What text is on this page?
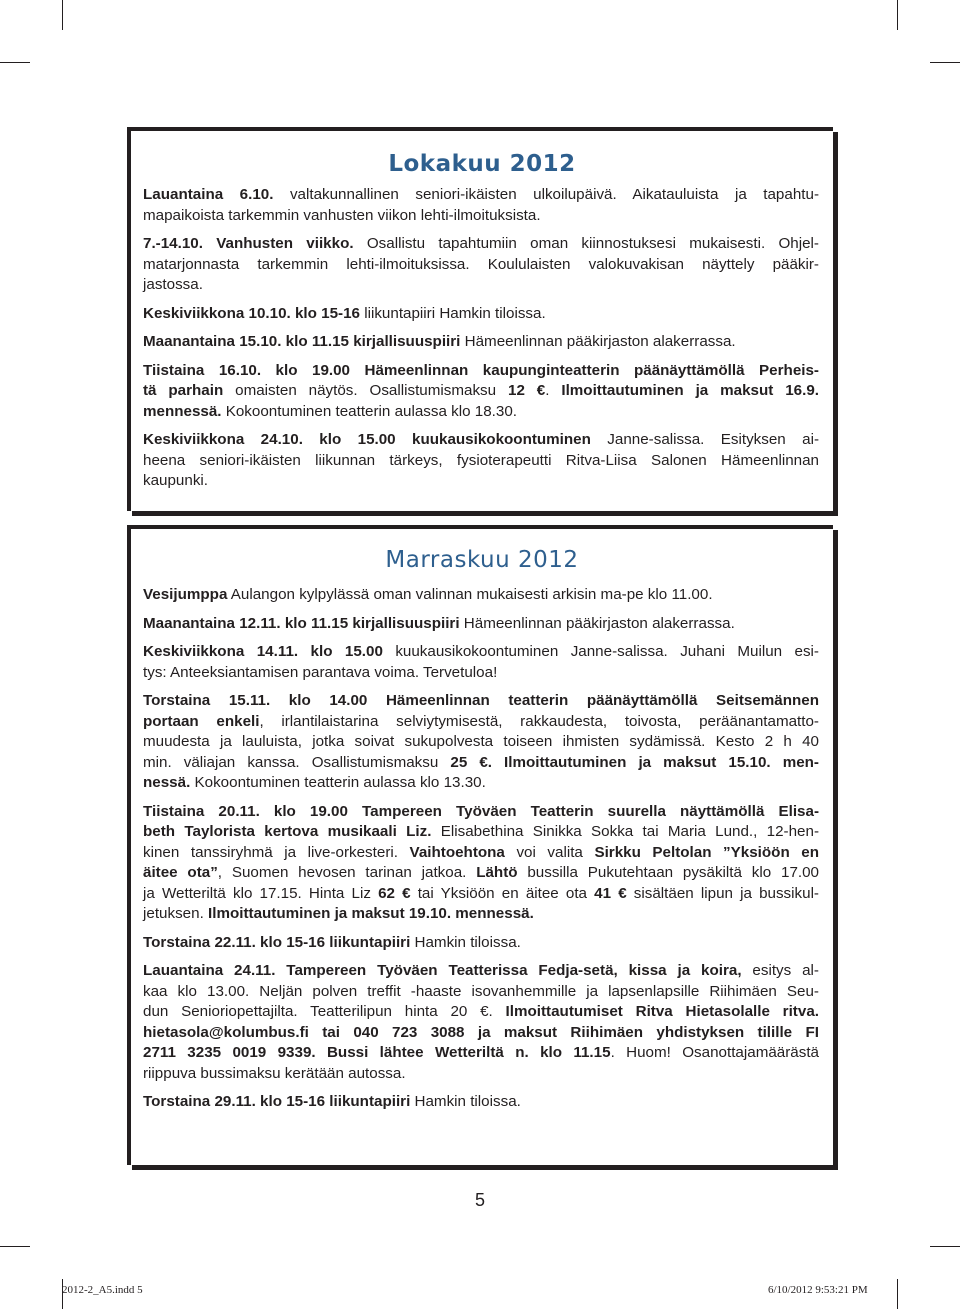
Lokakuu 2012
Lauantaina 6.10. valtakunnallinen seniori-ikäisten ulkoilupäivä. Aikatauluista ja tapahtu-
mapaikoista tarkemmin vanhusten viikon lehti-ilmoituksista.
7.-14.10. Vanhusten viikko. Osallistu tapahtumiin oman kiinnostuksesi mukaisesti. Ohjel-
matarjonnasta tarkemmin lehti-ilmoituksissa. Koululaisten valokuvakisan näyttely pääkir-
jastossa.
Keskiviikkona 10.10. klo 15-16 liikuntapiiri Hamkin tiloissa.
Maanantaina 15.10. klo 11.15 kirjallisuuspiiri Hämeenlinnan pääkirjaston alakerrassa.
Tiistaina 16.10. klo 19.00 Hämeenlinnan kaupunginteatterin päänäyttämöllä Perheis-
tä parhain omaisten näytös. Osallistumismaksu 12 €. Ilmoittautuminen ja maksut 16.9.
mennessä. Kokoontuminen teatterin aulassa klo 18.30.
Keskiviikkona 24.10. klo 15.00 kuukausikokoontuminen Janne-salissa. Esityksen ai-
heena seniori-ikäisten liikunnan tärkeys, fysioterapeutti Ritva-Liisa Salonen Hämeenlinnan
kaupunki.
Marraskuu 2012
Vesijumppa Aulangon kylpylässä oman valinnan mukaisesti arkisin ma-pe klo 11.00.
Maanantaina 12.11. klo 11.15 kirjallisuuspiiri Hämeenlinnan pääkirjaston alakerrassa.
Keskiviikkona 14.11. klo 15.00 kuukausikokoontuminen Janne-salissa. Juhani Muilun esi-
tys: Anteeksiantamisen parantava voima. Tervetuloa!
Torstaina 15.11. klo 14.00 Hämeenlinnan teatterin päänäyttämöllä Seitsemännen
portaan enkeli, irlantilaistarina selviytymisestä, rakkaudesta, toivosta, peräänantamatto-
muudesta ja lauluista, jotka soivat sukupolvesta toiseen ihmisten sydämissä. Kesto 2 h 40
min. väliajan kanssa. Osallistumismaksu 25 €. Ilmoittautuminen ja maksut 15.10. men-
nessä. Kokoontuminen teatterin aulassa klo 13.30.
Tiistaina 20.11. klo 19.00 Tampereen Työväen Teatterin suurella näyttämöllä Elisa-
beth Taylorista kertova musikaali Liz. Elisabethina Sinikka Sokka tai Maria Lund., 12-hen-
kinen tanssiryhmä ja live-orkesteri. Vaihtoehtona voi valita Sirkku Peltolan ”Yksiöön en
äitee ota”, Suomen hevosen tarinan jatkoa. Lähtö bussilla Pukutehtaan pysäkiltä klo 17.00
ja Wetteriltä klo 17.15. Hinta Liz 62 € tai Yksiöön en äitee ota 41 € sisältäen lipun ja bussikul-
jetuksen. Ilmoittautuminen ja maksut 19.10. mennessä.
Torstaina 22.11. klo 15-16 liikuntapiiri Hamkin tiloissa.
Lauantaina 24.11. Tampereen Työväen Teatterissa Fedja-setä, kissa ja koira, esitys al-
kaa klo 13.00. Neljän polven treffit -haaste isovanhemmille ja lapsenlapsille Riihimäen Seu-
dun Senioriopettajilta. Teatterilipun hinta 20 €. Ilmoittautumiset Ritva Hietasolalle ritva.
hietasola@kolumbus.fi tai 040 723 3088 ja maksut Riihimäen yhdistyksen tilille FI
2711 3235 0019 9339. Bussi lähtee Wetteriltä n. klo 11.15. Huom! Osanottajamäärästä
riippuva bussimaksu kerätään autossa.
Torstaina 29.11. klo 15-16 liikuntapiiri Hamkin tiloissa.
5
2012-2_A5.indd 5	6/10/2012 9:53:21 PM
